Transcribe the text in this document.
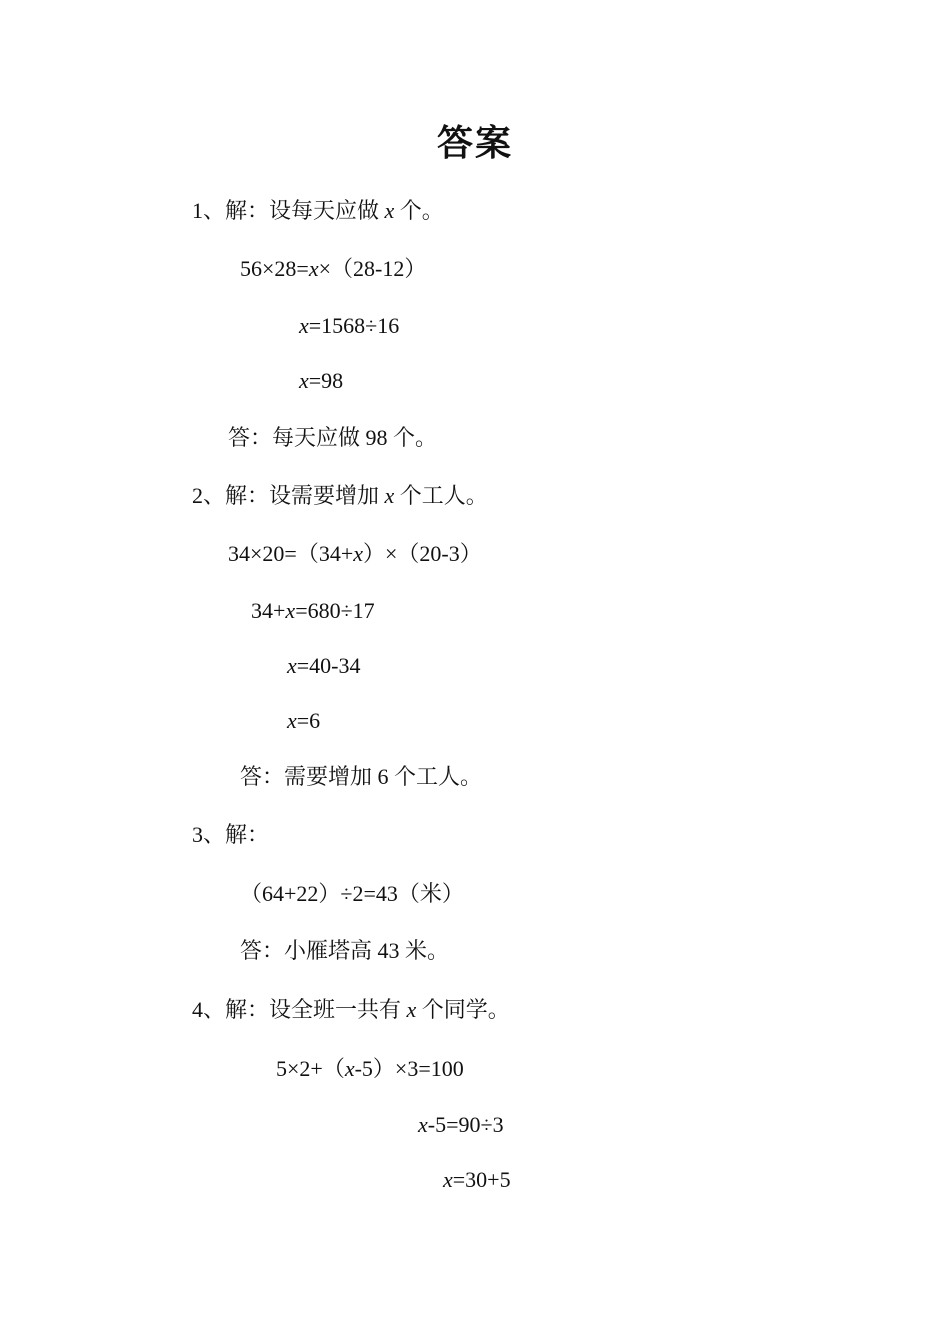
答案
1、解：设每天应做 x 个。
56×28=x×（28-12）
x=1568÷16
x=98
答：每天应做 98 个。
2、解：设需要增加 x 个工人。
34×20=（34+x）×（20-3）
34+x=680÷17
x=40-34
x=6
答：需要增加 6 个工人。
3、解：
（64+22）÷2=43（米）
答：小雁塔高 43 米。
4、解：设全班一共有 x 个同学。
5×2+（x-5）×3=100
x-5=90÷3
x=30+5
